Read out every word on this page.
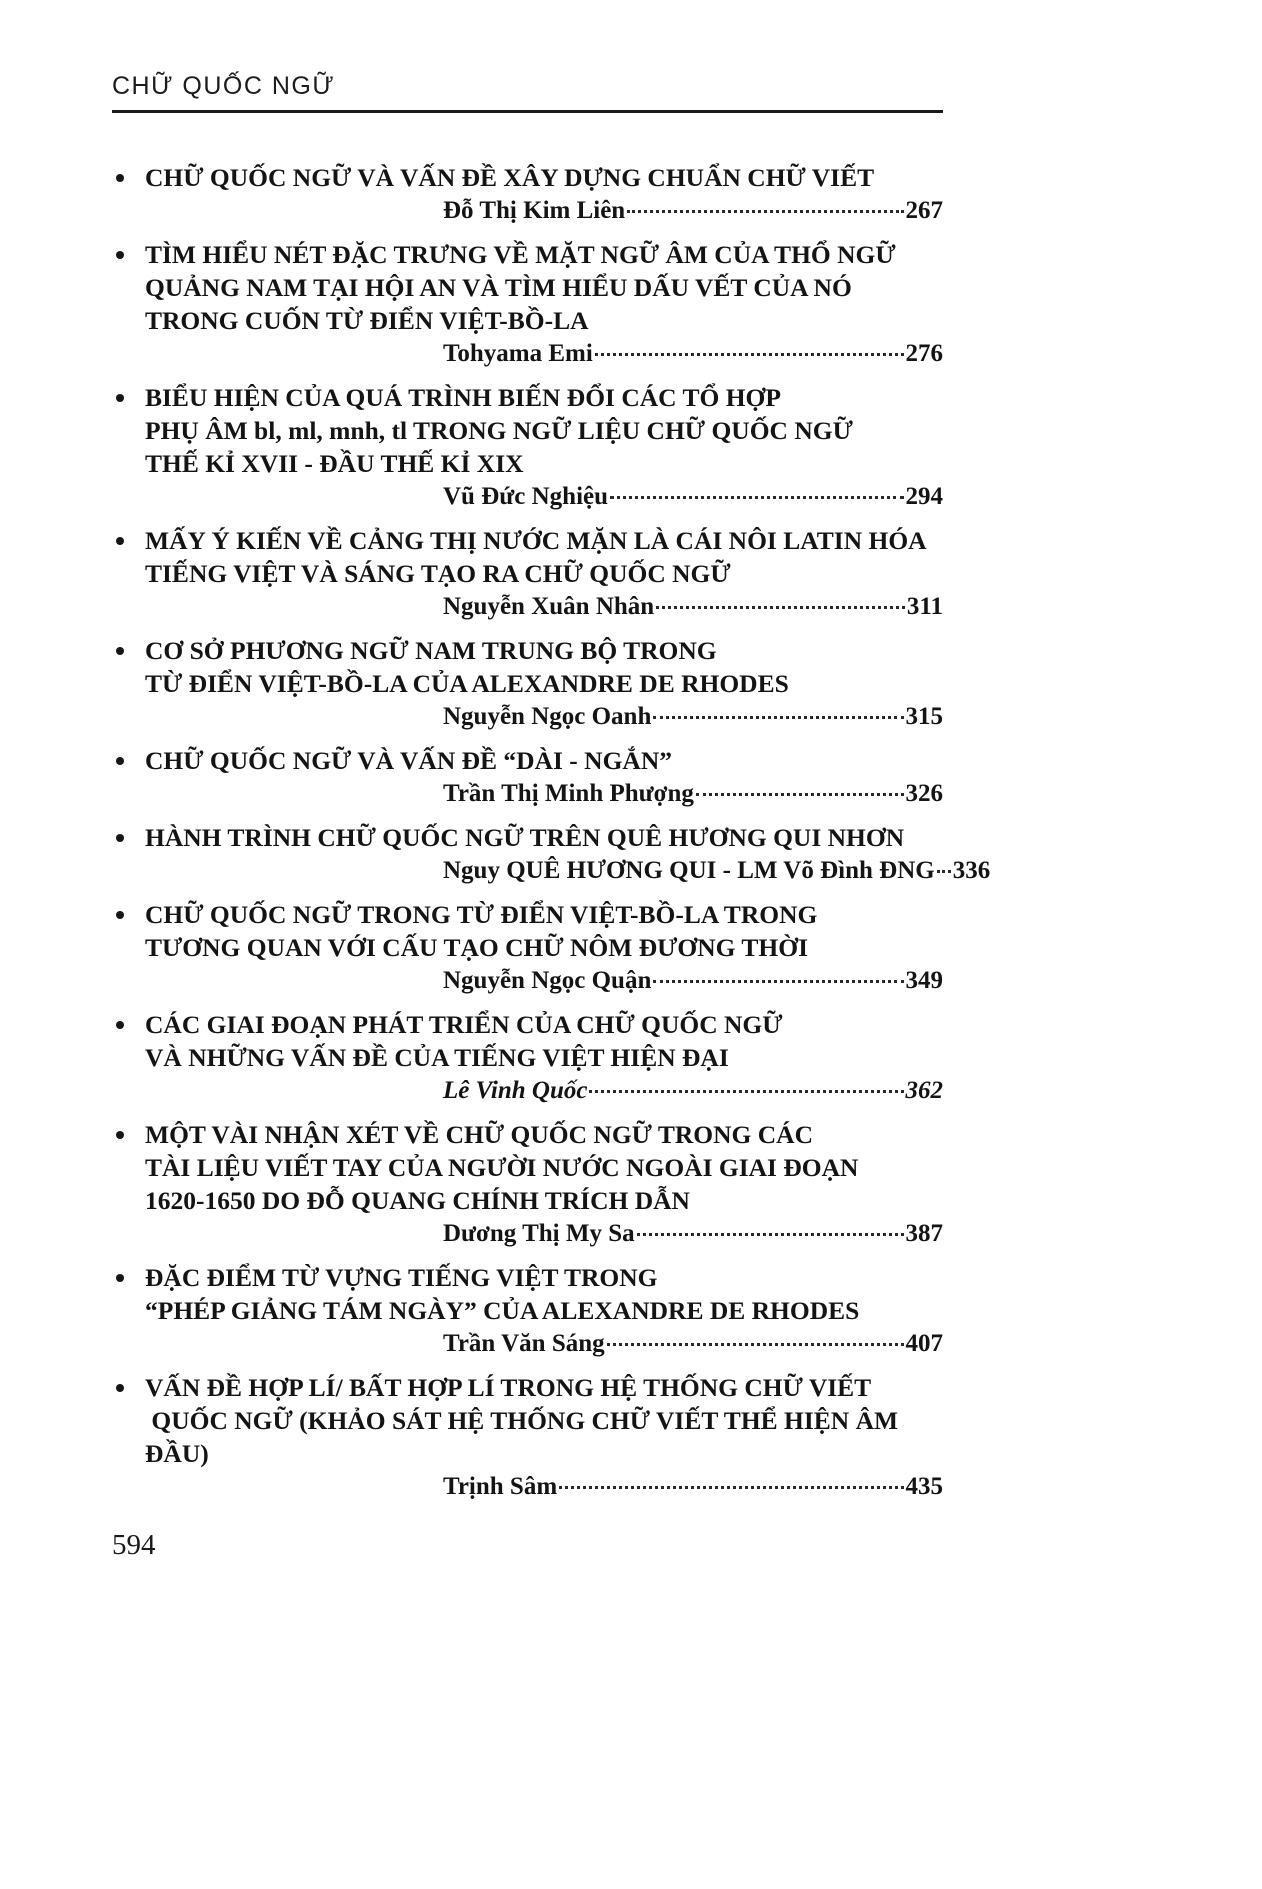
CHỮ QUỐC NGỮ
CHỮ QUỐC NGỮ VÀ VẤN ĐỀ XÂY DỰNG CHUẨN CHỮ VIẾT
Đỗ Thị Kim Liên	267
TÌM HIỂU NÉT ĐẶC TRƯNG VỀ MẶT NGỮ ÂM CỦA THỔ NGỮ
QUẢNG NAM TẠI HỘI AN VÀ TÌM HIỂU DẤU VẾT CỦA NÓ
TRONG CUỐN TỪ ĐIỂN VIỆT-BỒ-LA
Tohyama Emi	276
BIỂU HIỆN CỦA QUÁ TRÌNH BIẾN ĐỔI CÁC TỔ HỢP
PHỤ ÂM bl, ml, mnh, tl TRONG NGỮ LIỆU CHỮ QUỐC NGỮ
THẾ KỈ XVII - ĐẦU THẾ KỈ XIX
Vũ Đức Nghiệu	294
MẤY Ý KIẾN VỀ CẢNG THỊ NƯỚC MẶN LÀ CÁI NÔI LATIN HÓA
TIẾNG VIỆT VÀ SÁNG TẠO RA CHỮ QUỐC NGỮ
Nguyễn Xuân Nhân	311
CƠ SỞ PHƯƠNG NGỮ NAM TRUNG BỘ TRONG
TỪ ĐIỂN VIỆT-BỒ-LA CỦA ALEXANDRE DE RHODES
Nguyễn Ngọc Oanh	315
CHỮ QUỐC NGỮ VÀ VẤN ĐỀ “DÀI - NGẮN”
Trần Thị Minh Phượng	326
HÀNH TRÌNH CHỮ QUỐC NGỮ TRÊN QUÊ HƯƠNG QUI NHƠN
Nguy QUÊ HƯƠNG QUI - LM Võ Đình ĐNG 336
CHỮ QUỐC NGỮ TRONG TỪ ĐIỂN VIỆT-BỒ-LA TRONG
TƯƠNG QUAN VỚI CẤU TẠO CHỮ NÔM ĐƯƠNG THỜI
Nguyễn Ngọc Quận	349
CÁC GIAI ĐOẠN PHÁT TRIỂN CỦA CHỮ QUỐC NGỮ
VÀ NHỮNG VẤN ĐỀ CỦA TIẾNG VIỆT HIỆN ĐẠI
Lê Vinh Quốc	362
MỘT VÀI NHẬN XÉT VỀ CHỮ QUỐC NGỮ TRONG CÁC
TÀI LIỆU VIẾT TAY CỦA NGƯỜI NƯỚC NGOÀI GIAI ĐOẠN
1620-1650 DO ĐỖ QUANG CHÍNH TRÍCH DẪN
Dương Thị My Sa	387
ĐẶC ĐIỂM TỪ VỰNG TIẾNG VIỆT TRONG
“PHÉP GIẢNG TÁM NGÀY” CỦA ALEXANDRE DE RHODES
Trần Văn Sáng	407
VẤN ĐỀ HỢP LÍ/ BẤT HỢP LÍ TRONG HỆ THỐNG CHỮ VIẾT
QUỐC NGỮ (KHẢO SÁT HỆ THỐNG CHỮ VIẾT THỂ HIỆN ÂM ĐẦU)
Trịnh Sâm	435
594
